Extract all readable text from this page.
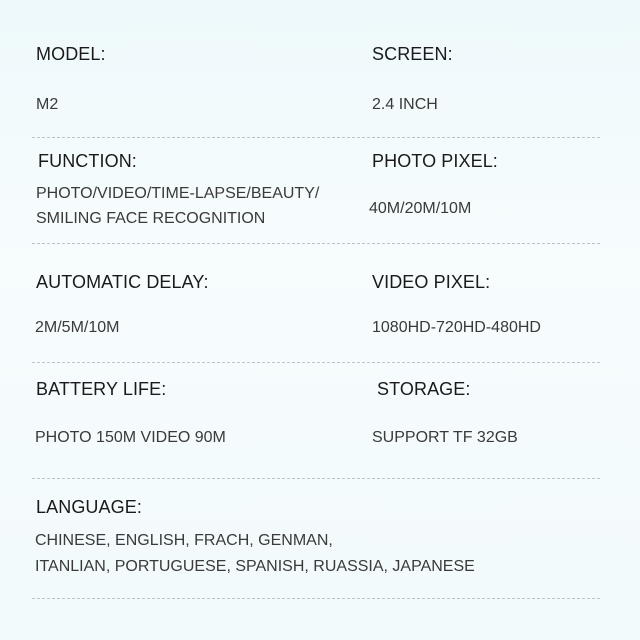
MODEL:
M2
SCREEN:
2.4 INCH
FUNCTION:
PHOTO/VIDEO/TIME-LAPSE/BEAUTY/
SMILING FACE RECOGNITION
PHOTO PIXEL:
40M/20M/10M
AUTOMATIC DELAY:
2M/5M/10M
VIDEO PIXEL:
1080HD-720HD-480HD
BATTERY LIFE:
PHOTO 150M VIDEO 90M
STORAGE:
SUPPORT TF 32GB
LANGUAGE:
CHINESE, ENGLISH, FRACH, GENMAN,
ITANLIAN, PORTUGUESE, SPANISH, RUASSIA, JAPANESE
